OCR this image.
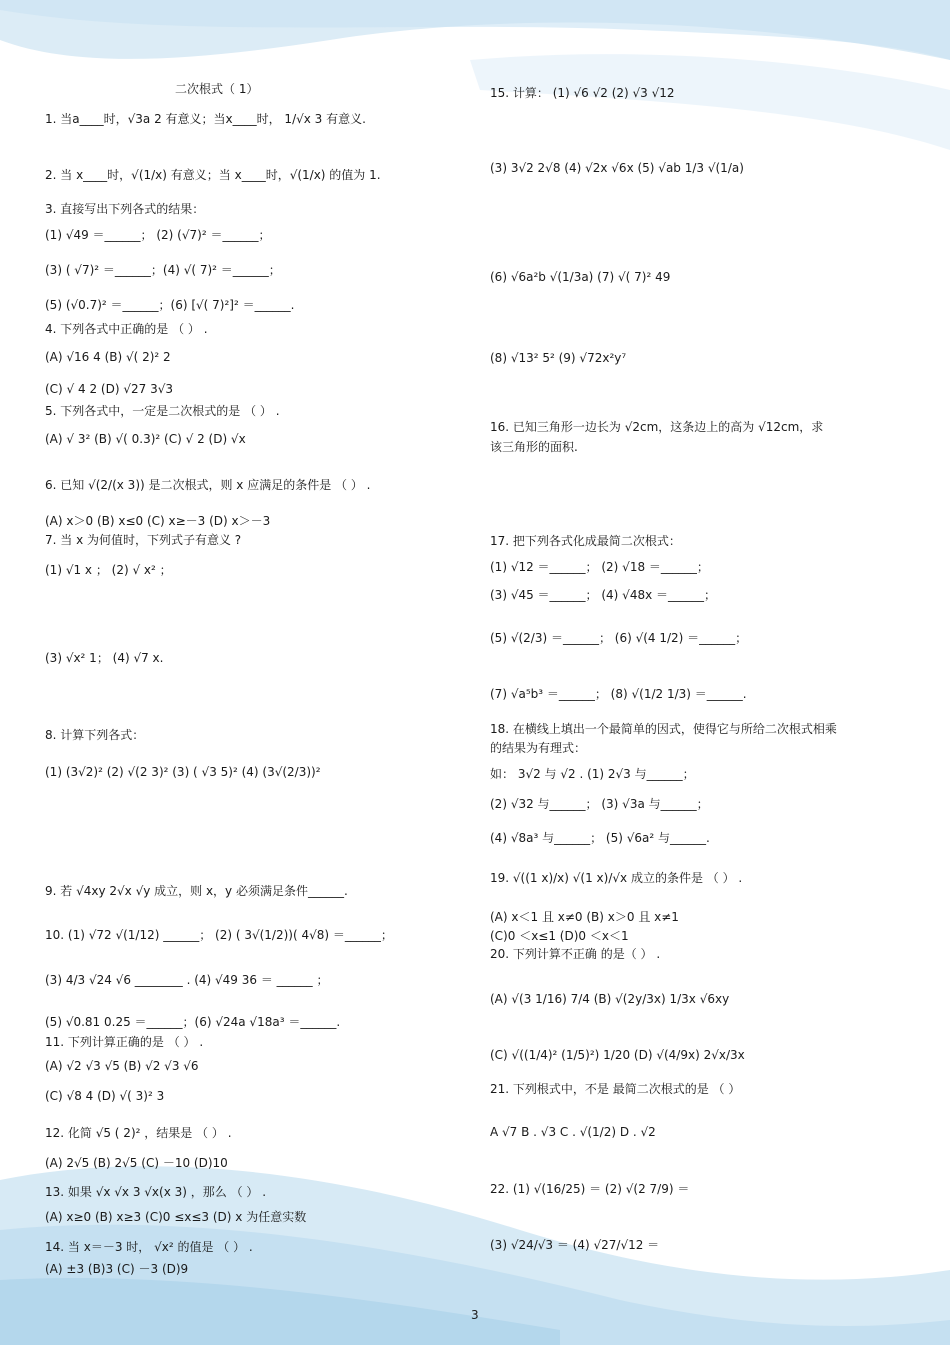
二次根式（ 1）
1. 当a____时，√3a 2 有意义；当x____时， 1/√x 3 有意义.
2. 当 x____时，√(1/x) 有意义；当 x____时，√(1/x) 的值为 1.
3. 直接写出下列各式的结果：
(1) √49 ＝______； (2) (√7)² ＝______；
(3) ( √7)² ＝______；(4) √( 7)² ＝______；
(5) (√0.7)² ＝______；(6) [√( 7)²]² ＝______.
4. 下列各式中正确的是 （ ） .
(A) √16 4 (B) √( 2)² 2
(C) √ 4 2 (D) √27 3√3
5. 下列各式中，一定是二次根式的是 （ ） .
(A) √ 3² (B) √( 0.3)² (C) √ 2 (D) √x
6. 已知 √(2/(x 3)) 是二次根式，则 x 应满足的条件是 （ ） .
(A) x＞0 (B) x≤0 (C) x≥－3 (D) x＞－3
7. 当 x 为何值时，下列式子有意义 ?
(1) √1 x ； (2) √ x² ；
(3) √x² 1； (4) √7 x.
8. 计算下列各式：
(1) (3√2)² (2) √(2 3)² (3) ( √3 5)² (4) (3√(2/3))²
9. 若 √4xy 2√x √y 成立，则 x，y 必须满足条件______.
10. (1) √72 √(1/12) ______； (2) ( 3√(1/2))( 4√8) ＝______；
(3) 4/3 √24 √6 ________ . (4) √49 36 ＝ ______ ；
(5) √0.81 0.25 ＝______；(6) √24a √18a³ ＝______.
11. 下列计算正确的是 （ ） .
(A) √2 √3 √5 (B) √2 √3 √6
(C) √8 4 (D) √( 3)² 3
12. 化简 √5 ( 2)² ，结果是 （ ） .
(A) 2√5 (B) 2√5 (C) －10 (D)10
13. 如果 √x √x 3 √x(x 3) ，那么 （ ） .
(A) x≥0 (B) x≥3 (C)0 ≤x≤3 (D) x 为任意实数
14. 当 x＝－3 时， √x² 的值是 （ ） .
(A) ±3 (B)3 (C) －3 (D)9
15. 计算： (1) √6 √2 (2) √3 √12
(3) 3√2 2√8 (4) √2x √6x (5) √ab 1/3 √(1/a)
(6) √6a²b √(1/3a) (7) √( 7)² 49
(8) √13² 5² (9) √72x²y⁷
16. 已知三角形一边长为 √2cm，这条边上的高为 √12cm，求
该三角形的面积.
17. 把下列各式化成最简二次根式：
(1) √12 ＝______； (2) √18 ＝______；
(3) √45 ＝______； (4) √48x ＝______；
(5) √(2/3) ＝______； (6) √(4 1/2) ＝______；
(7) √a⁵b³ ＝______； (8) √(1/2 1/3) ＝______.
18. 在横线上填出一个最简单的因式，使得它与所给二次根式相乘
的结果为有理式：
如： 3√2 与 √2 . (1) 2√3 与______；
(2) √32 与______； (3) √3a 与______；
(4) √8a³ 与______； (5) √6a² 与______.
19. √((1 x)/x) √(1 x)/√x 成立的条件是 （ ） .
(A) x＜1 且 x≠0 (B) x＞0 且 x≠1
(C)0 ＜x≤1 (D)0 ＜x＜1
20. 下列计算不正确 的是（ ） .
(A) √(3 1/16) 7/4 (B) √(2y/3x) 1/3x √6xy
(C) √((1/4)² (1/5)²) 1/20 (D) √(4/9x) 2√x/3x
21. 下列根式中，不是 最简二次根式的是 （ ）
A √7 B . √3 C . √(1/2) D . √2
22. (1) √(16/25) ＝ (2) √(2 7/9) ＝
(3) √24/√3 ＝ (4) √27/√12 ＝
3
